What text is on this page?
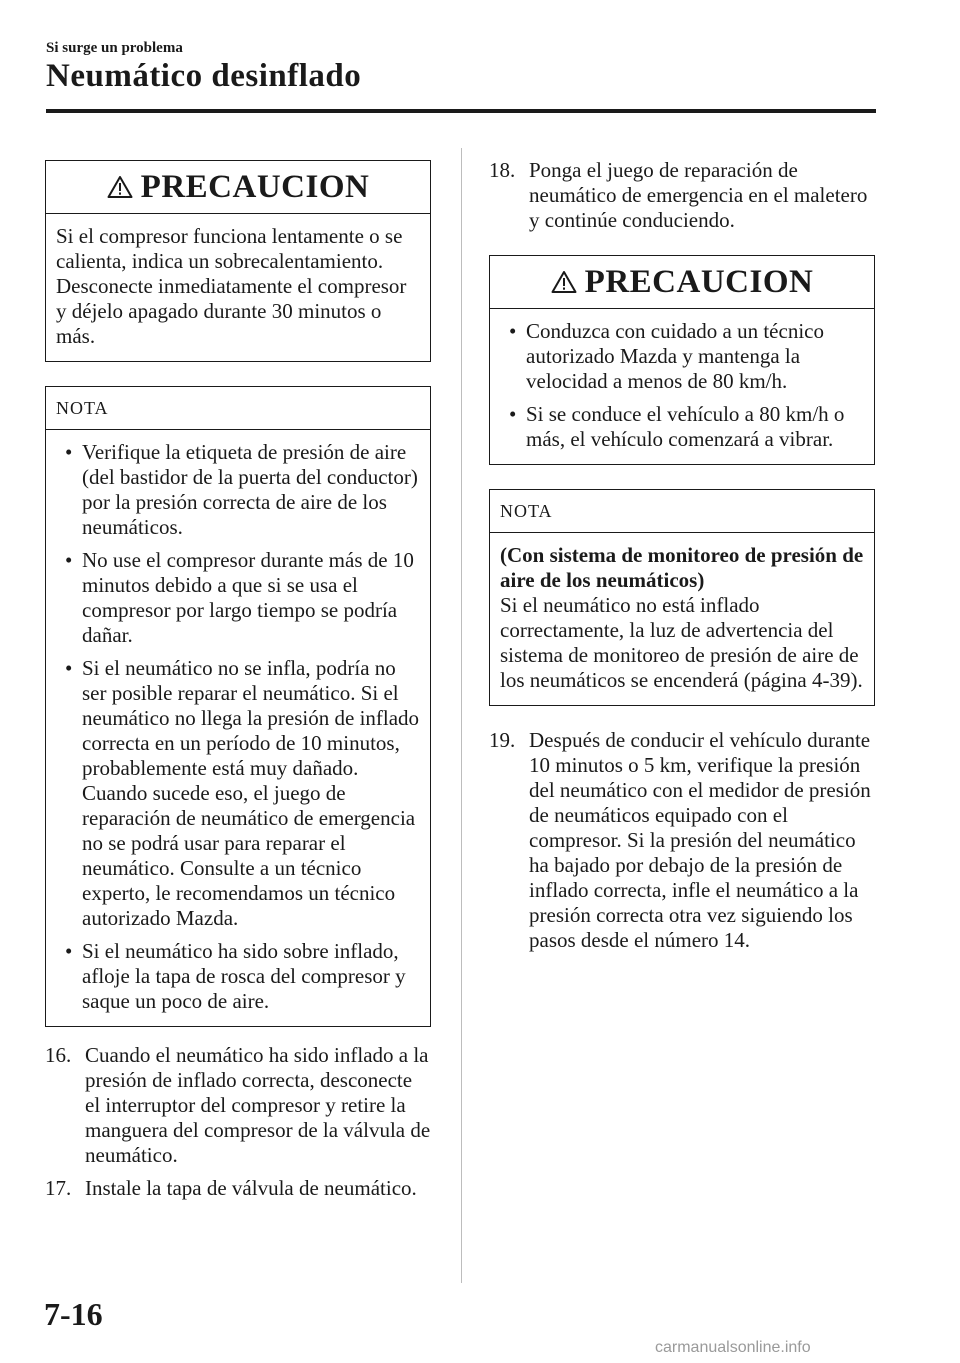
Si surge un problema
Neumático desinflado
PRECAUCION
Si el compresor funciona lentamente o se calienta, indica un sobrecalentamiento. Desconecte inmediatamente el compresor y déjelo apagado durante 30 minutos o más.
NOTA
• Verifique la etiqueta de presión de aire (del bastidor de la puerta del conductor) por la presión correcta de aire de los neumáticos.
• No use el compresor durante más de 10 minutos debido a que si se usa el compresor por largo tiempo se podría dañar.
• Si el neumático no se infla, podría no ser posible reparar el neumático. Si el neumático no llega la presión de inflado correcta en un período de 10 minutos, probablemente está muy dañado. Cuando sucede eso, el juego de reparación de neumático de emergencia no se podrá usar para reparar el neumático. Consulte a un técnico experto, le recomendamos un técnico autorizado Mazda.
• Si el neumático ha sido sobre inflado, afloje la tapa de rosca del compresor y saque un poco de aire.
16. Cuando el neumático ha sido inflado a la presión de inflado correcta, desconecte el interruptor del compresor y retire la manguera del compresor de la válvula de neumático.
17. Instale la tapa de válvula de neumático.
18. Ponga el juego de reparación de neumático de emergencia en el maletero y continúe conduciendo.
PRECAUCION
• Conduzca con cuidado a un técnico autorizado Mazda y mantenga la velocidad a menos de 80 km/h.
• Si se conduce el vehículo a 80 km/h o más, el vehículo comenzará a vibrar.
NOTA
(Con sistema de monitoreo de presión de aire de los neumáticos)
Si el neumático no está inflado correctamente, la luz de advertencia del sistema de monitoreo de presión de aire de los neumáticos se encenderá (página 4-39).
19. Después de conducir el vehículo durante 10 minutos o 5 km, verifique la presión del neumático con el medidor de presión de neumáticos equipado con el compresor. Si la presión del neumático ha bajado por debajo de la presión de inflado correcta, infle el neumático a la presión correcta otra vez siguiendo los pasos desde el número 14.
7-16
carmanualsonline.info
